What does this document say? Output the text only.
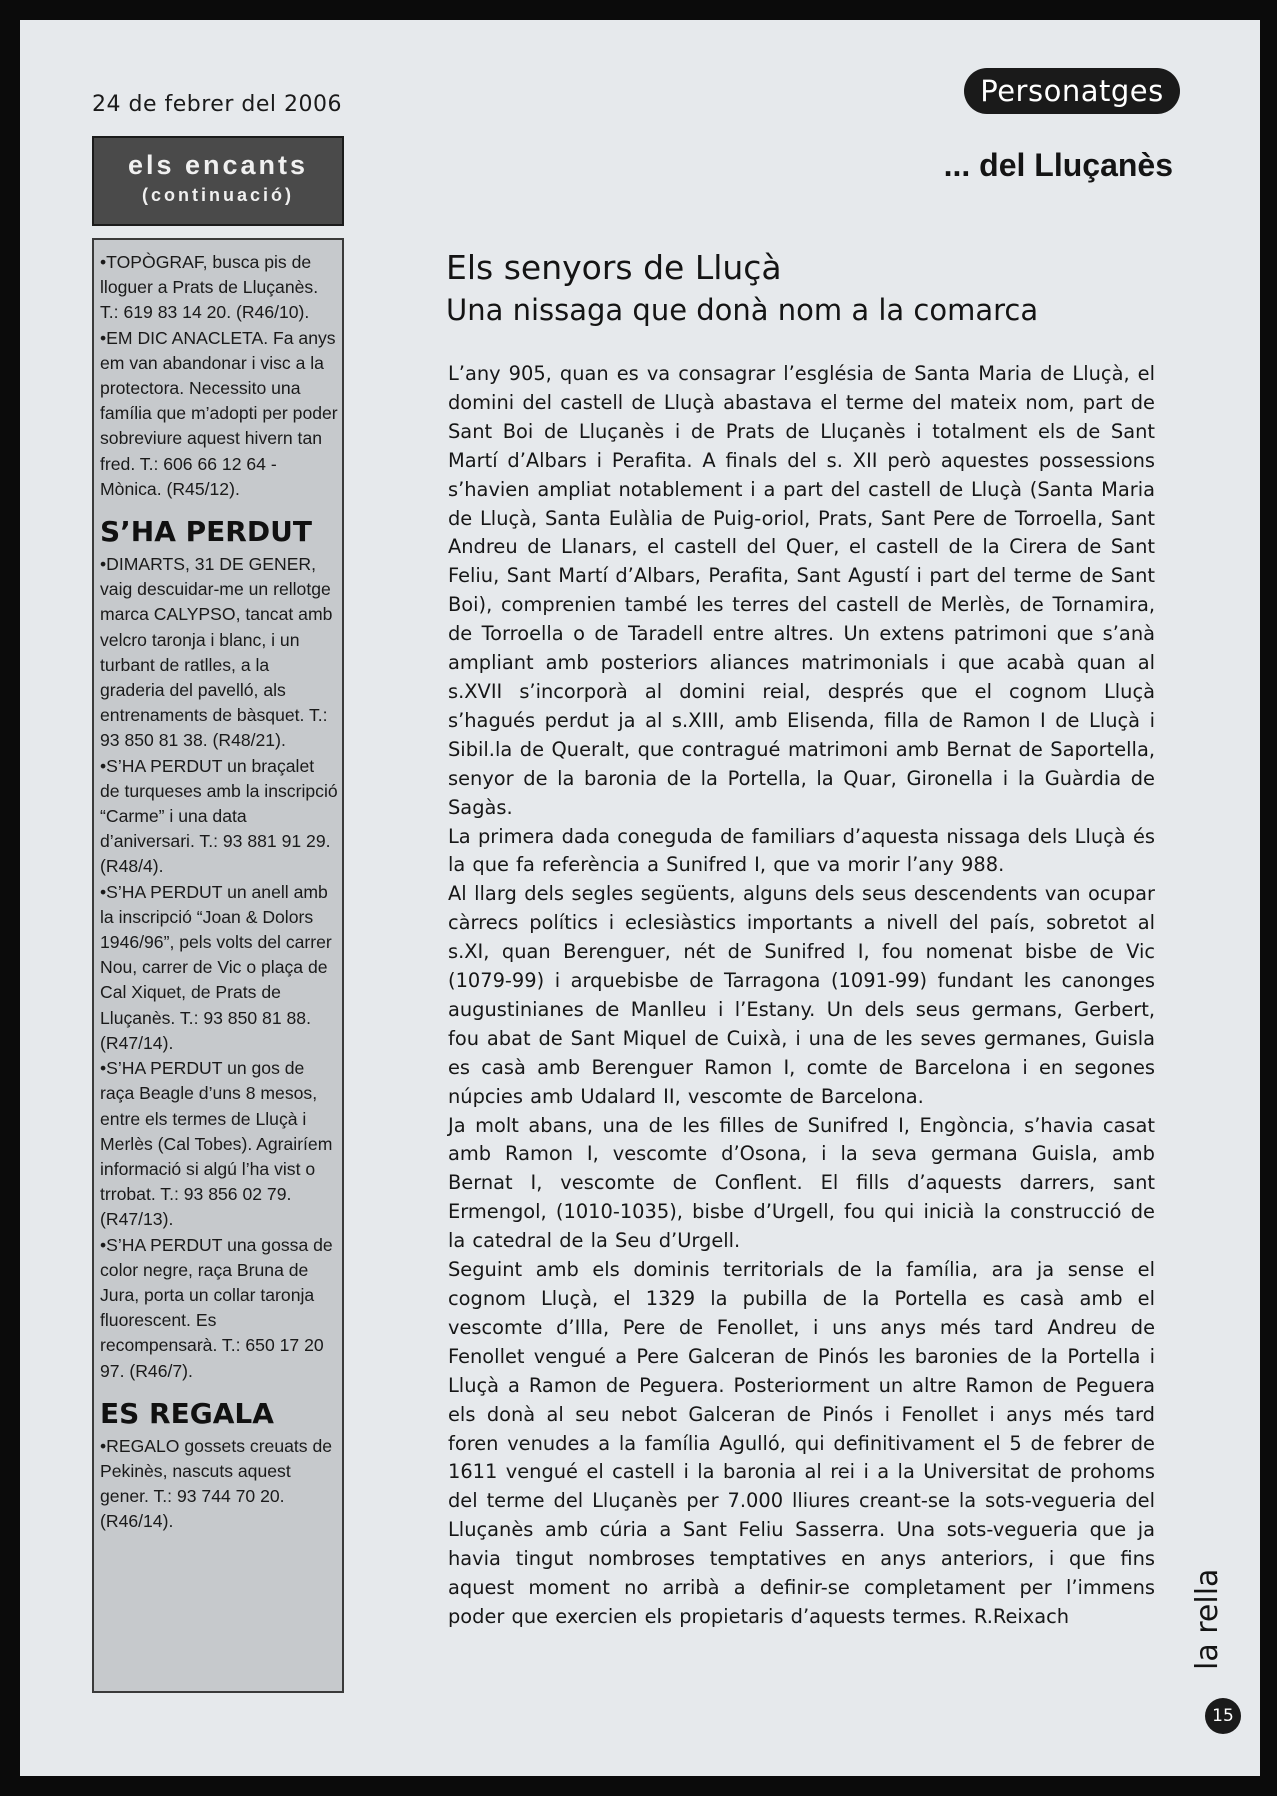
24 de febrer del 2006	Personatges
els encants
(continuació)

•TOPÒGRAF, busca pis de lloguer a Prats de Lluçanès. T.: 619 83 14 20. (R46/10).

•EM DIC ANACLETA. Fa anys em van abandonar i visc a la protectora. Necessito una família que m’adopti per poder sobreviure aquest hivern tan fred. T.: 606 66 12 64 - Mònica. (R45/12).

S’HA PERDUT

•DIMARTS, 31 DE GENER, vaig descuidar-me un rellotge marca CALYPSO, tancat amb velcro taronja i blanc, i un turbant de ratlles, a la graderia del pavelló, als entrenaments de bàsquet. T.: 93 850 81 38. (R48/21).

•S’HA PERDUT un braçalet de turqueses amb la inscripció “Carme” i una data d’aniversari. T.: 93 881 91 29. (R48/4).

•S’HA PERDUT un anell amb la inscripció “Joan & Dolors 1946/96”, pels volts del carrer Nou, carrer de Vic o plaça de Cal Xiquet, de Prats de Lluçanès. T.: 93 850 81 88. (R47/14).

•S’HA PERDUT un gos de raça Beagle d’uns 8 mesos, entre els termes de Lluçà i Merlès (Cal Tobes). Agrairíem informació si algú l’ha vist o trrobat. T.: 93 856 02 79. (R47/13).

•S’HA PERDUT una gossa de color negre, raça Bruna de Jura, porta un collar taronja fluorescent. Es recompensarà. T.: 650 17 20 97. (R46/7).

ES REGALA

•REGALO gossets creuats de Pekinès, nascuts aquest gener. T.: 93 744 70 20. (R46/14).

... del Lluçanès
Els senyors de Lluçà
Una nissaga que donà nom a la comarca

L’any 905, quan es va consagrar l’església de Santa Maria de Lluçà, el domini del castell de Lluçà abastava el terme del mateix nom, part de Sant Boi de Lluçanès i de Prats de Lluçanès i totalment els de Sant Martí d’Albars i Perafita. A finals del s. XII però aquestes possessions s’havien ampliat notablement i a part del castell de Lluçà (Santa Maria de Lluçà, Santa Eulàlia de Puig-oriol, Prats, Sant Pere de Torroella, Sant Andreu de Llanars, el castell del Quer, el castell de la Cirera de Sant Feliu, Sant Martí d’Albars, Perafita, Sant Agustí i part del terme de Sant Boi), comprenien també les terres del castell de Merlès, de Tornamira, de Torroella o de Taradell entre altres. Un extens patrimoni que s’anà ampliant amb posteriors aliances matrimonials i que acabà quan al s.XVII s’incorporà al domini reial, després que el cognom Lluçà s’hagués perdut ja al s.XIII, amb Elisenda, filla de Ramon I de Lluçà i Sibil.la de Queralt, que contragué matrimoni amb Bernat de Saportella, senyor de la baronia de la Portella, la Quar, Gironella i la Guàrdia de Sagàs.

La primera dada coneguda de familiars d’aquesta nissaga dels Lluçà és la que fa referència a Sunifred I, que va morir l’any 988.

Al llarg dels segles següents, alguns dels seus descendents van ocupar càrrecs polítics i eclesiàstics importants a nivell del país, sobretot al s.XI, quan Berenguer, nét de Sunifred I, fou nomenat bisbe de Vic (1079-99) i arquebisbe de Tarragona (1091-99) fundant les canonges augustinianes de Manlleu i l’Estany. Un dels seus germans, Gerbert, fou abat de Sant Miquel de Cuixà, i una de les seves germanes, Guisla es casà amb Berenguer Ramon I, comte de Barcelona i en segones núpcies amb Udalard II, vescomte de Barcelona.

Ja molt abans, una de les filles de Sunifred I, Engòncia, s’havia casat amb Ramon I, vescomte d’Osona, i la seva germana Guisla, amb Bernat I, vescomte de Conflent. El fills d’aquests darrers, sant Ermengol, (1010-1035), bisbe d’Urgell, fou qui inicià la construcció de la catedral de la Seu d’Urgell.

Seguint amb els dominis territorials de la família, ara ja sense el cognom Lluçà, el 1329 la pubilla de la Portella es casà amb el vescomte d’Illa, Pere de Fenollet, i uns anys més tard Andreu de Fenollet vengué a Pere Galceran de Pinós les baronies de la Portella i Lluçà a Ramon de Peguera. Posteriorment un altre Ramon de Peguera els donà al seu nebot Galceran de Pinós i Fenollet i anys més tard foren venudes a la família Agulló, qui definitivament el 5 de febrer de 1611 vengué el castell i la baronia al rei i a la Universitat de prohoms del terme del Lluçanès per 7.000 lliures creant-se la sots-vegueria del Lluçanès amb cúria a Sant Feliu Sasserra. Una sots-vegueria que ja havia tingut nombroses temptatives en anys anteriors, i que fins aquest moment no arribà a definir-se completament per l’immens poder que exercien els propietaris d’aquests termes. R.Reixach	la rella
15
